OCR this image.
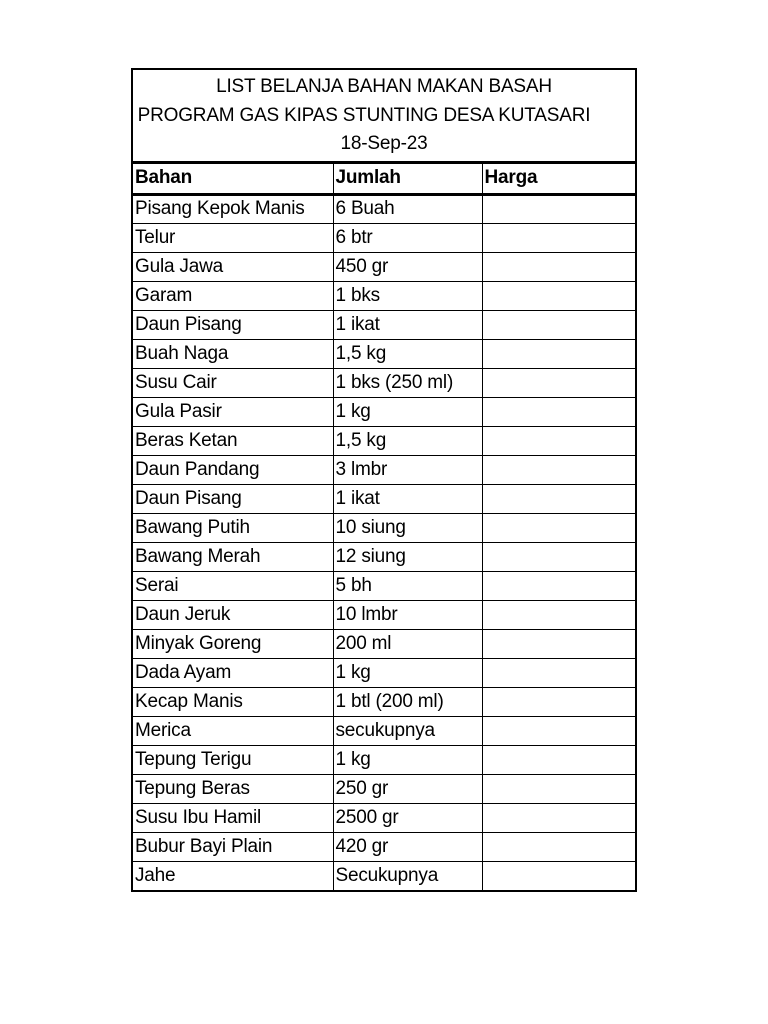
LIST BELANJA BAHAN MAKAN BASAH
PROGRAM GAS KIPAS STUNTING DESA KUTASARI
18-Sep-23
Bahan	Jumlah	Harga
Pisang Kepok Manis	6 Buah	
Telur	6 btr	
Gula Jawa	450 gr	
Garam	1 bks	
Daun Pisang	1 ikat	
Buah Naga	1,5 kg	
Susu Cair	1 bks (250 ml)	
Gula Pasir	1 kg	
Beras Ketan	1,5 kg	
Daun Pandang	3 lmbr	
Daun Pisang	1 ikat	
Bawang Putih	10 siung	
Bawang Merah	12 siung	
Serai	5 bh	
Daun Jeruk	10 lmbr	
Minyak Goreng	200 ml	
Dada Ayam	1 kg	
Kecap Manis	1 btl (200 ml)	
Merica	secukupnya	
Tepung Terigu	1 kg	
Tepung Beras	250 gr	
Susu Ibu Hamil	2500 gr	
Bubur Bayi Plain	420 gr	
Jahe	Secukupnya	
